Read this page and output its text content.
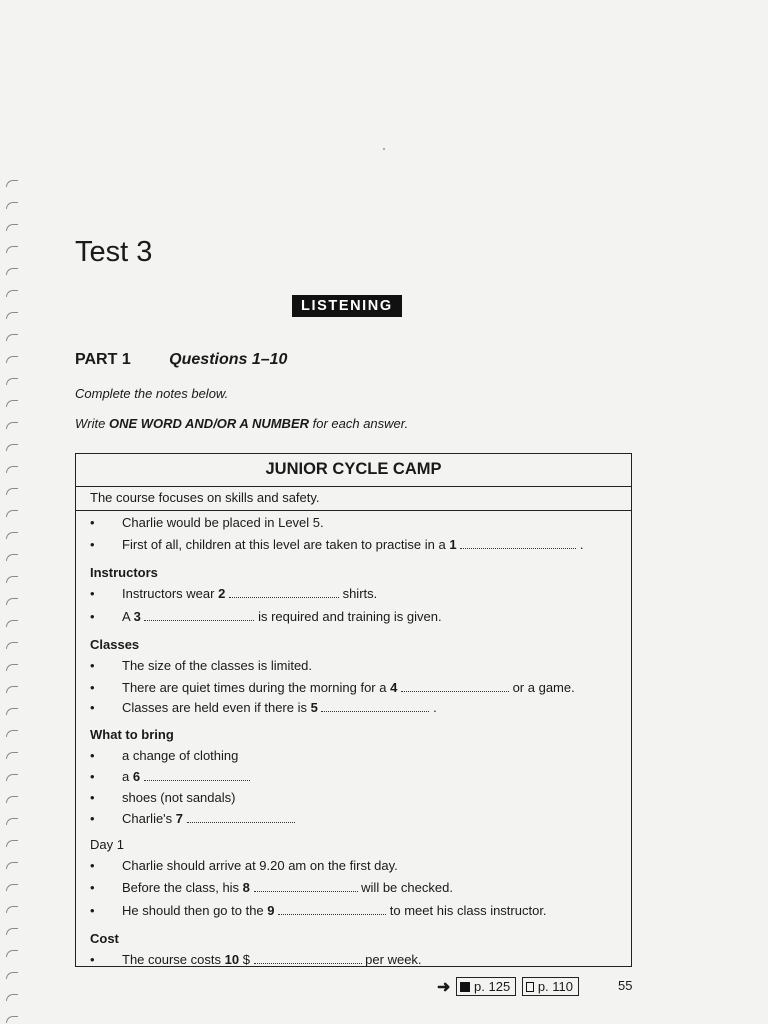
Test 3
LISTENING
PART 1 Questions 1–10
Complete the notes below.
Write ONE WORD AND/OR A NUMBER for each answer.
JUNIOR CYCLE CAMP
The course focuses on skills and safety.
• Charlie would be placed in Level 5.
• First of all, children at this level are taken to practise in a 1	.
Instructors
• Instructors wear 2	shirts.
• A 3	is required and training is given.
Classes
• The size of the classes is limited.
• There are quiet times during the morning for a 4	or a game.
• Classes are held even if there is 5	.
What to bring
• a change of clothing
• a 6
• shoes (not sandals)
• Charlie's 7
Day 1
• Charlie should arrive at 9.20 am on the first day.
• Before the class, his 8	will be checked.
• He should then go to the 9	to meet his class instructor.
Cost
• The course costs 10 $	per week.
➜ p. 125 p. 110	55
